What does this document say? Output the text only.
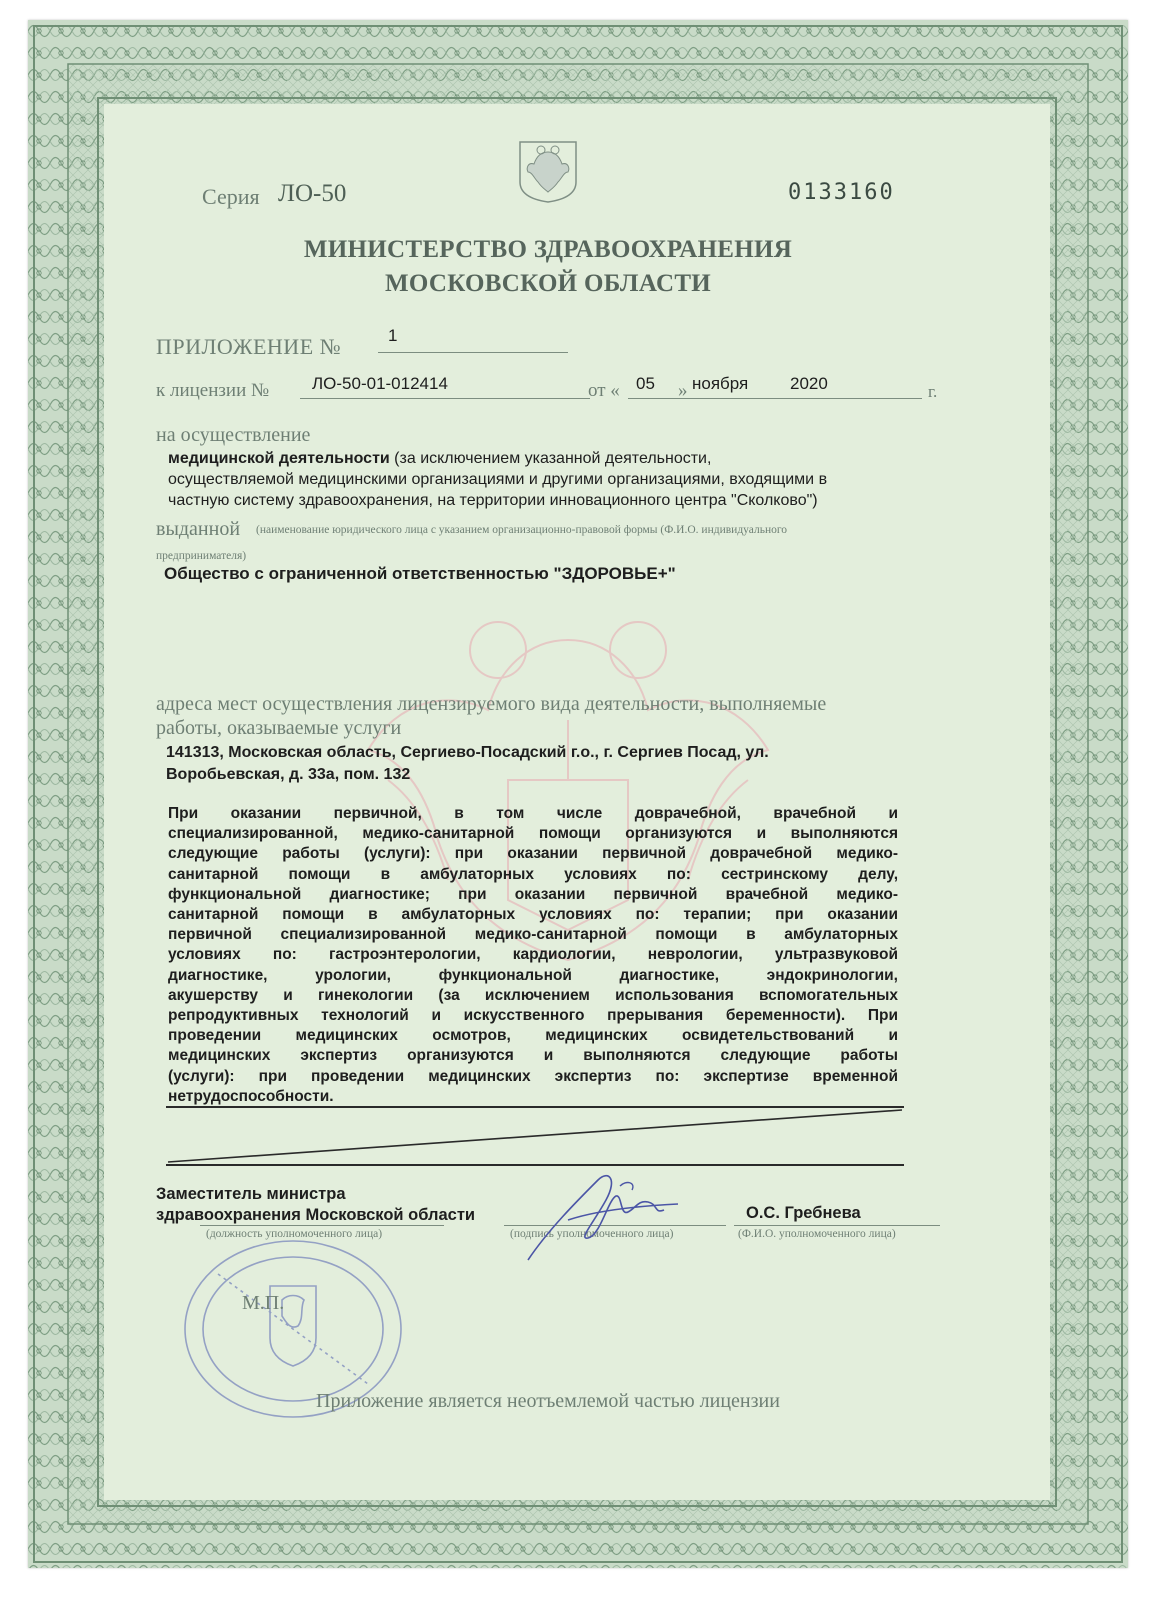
Серия ЛО-50	0133160
МИНИСТЕРСТВО ЗДРАВООХРАНЕНИЯ
МОСКОВСКОЙ ОБЛАСТИ
ПРИЛОЖЕНИЕ №	1
к лицензии №	ЛО-50-01-012414	от « 05 » ноября 2020	г.
на осуществление
медицинской деятельности (за исключением указанной деятельности,
осуществляемой медицинскими организациями и другими организациями, входящими в
частную систему здравоохранения, на территории инновационного центра "Сколково")
выданной (наименование юридического лица с указанием организационно-правовой формы (Ф.И.О. индивидуального
предпринимателя)
Общество с ограниченной ответственностью "ЗДОРОВЬЕ+"
адреса мест осуществления лицензируемого вида деятельности, выполняемые
работы, оказываемые услуги
141313, Московская область, Сергиево-Посадский г.о., г. Сергиев Посад, ул.
Воробьевская, д. 33а, пом. 132
При оказании первичной, в том числе доврачебной, врачебной и
специализированной, медико-санитарной помощи организуются и выполняются
следующие работы (услуги): при оказании первичной доврачебной медико-
санитарной помощи в амбулаторных условиях по: сестринскому делу,
функциональной диагностике; при оказании первичной врачебной медико-
санитарной помощи в амбулаторных условиях по: терапии; при оказании
первичной специализированной медико-санитарной помощи в амбулаторных
условиях по: гастроэнтерологии, кардиологии, неврологии, ультразвуковой
диагностике, урологии, функциональной диагностике, эндокринологии,
акушерству и гинекологии (за исключением использования вспомогательных
репродуктивных технологий и искусственного прерывания беременности). При
проведении медицинских осмотров, медицинских освидетельствований и
медицинских экспертиз организуются и выполняются следующие работы
(услуги): при проведении медицинских экспертиз по: экспертизе временной
нетрудоспособности.
Заместитель министра
здравоохранения Московской области	О.С. Гребнева
(должность уполномоченного лица)	(подпись уполномоченного лица)	(Ф.И.О. уполномоченного лица)
М.П.
Приложение является неотъемлемой частью лицензии
